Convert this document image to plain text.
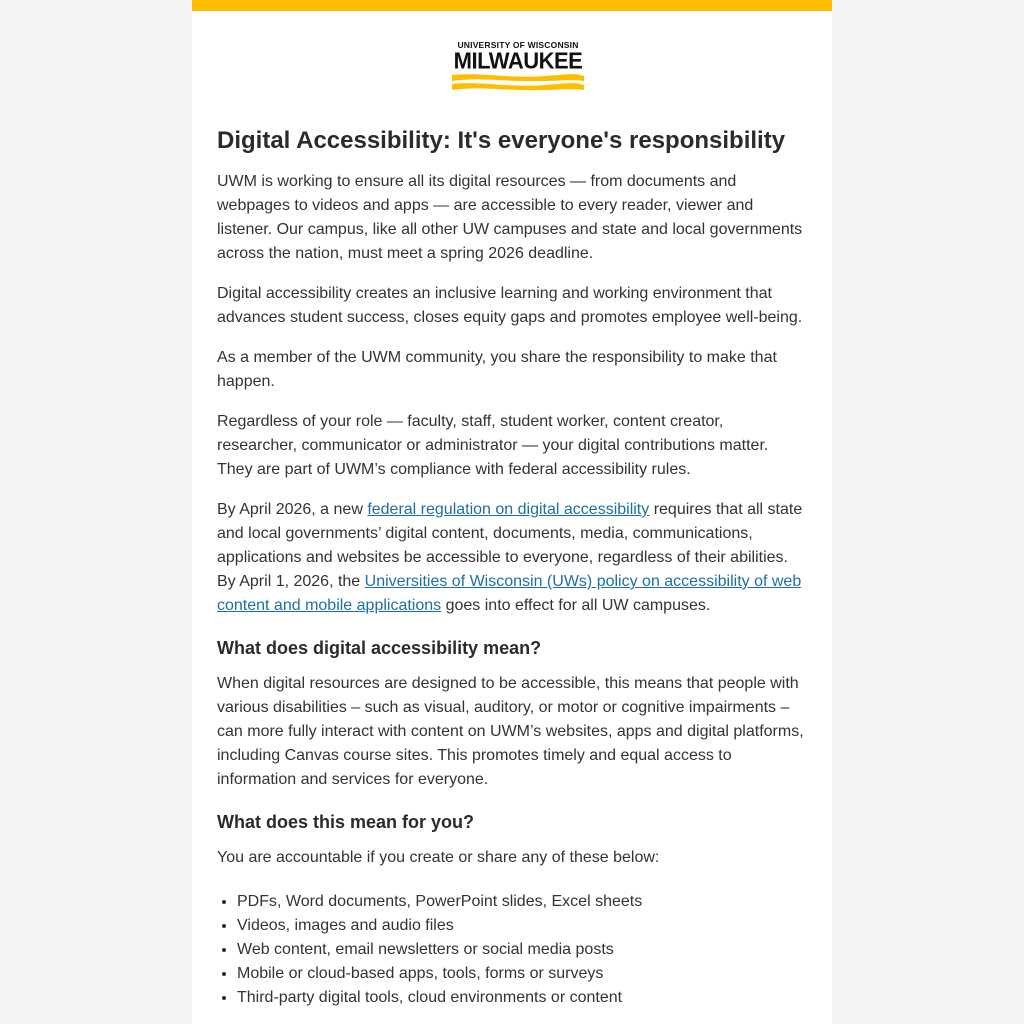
UNIVERSITY OF WISCONSIN
MILWAUKEE
Digital Accessibility: It's everyone's responsibility

UWM is working to ensure all its digital resources — from documents and webpages to videos and apps — are accessible to every reader, viewer and listener. Our campus, like all other UW campuses and state and local governments across the nation, must meet a spring 2026 deadline.

Digital accessibility creates an inclusive learning and working environment that advances student success, closes equity gaps and promotes employee well-being.

As a member of the UWM community, you share the responsibility to make that happen.

Regardless of your role — faculty, staff, student worker, content creator, researcher, communicator or administrator — your digital contributions matter. They are part of UWM’s compliance with federal accessibility rules.

By April 2026, a new federal regulation on digital accessibility requires that all state and local governments’ digital content, documents, media, communications, applications and websites be accessible to everyone, regardless of their abilities. By April 1, 2026, the Universities of Wisconsin (UWs) policy on accessibility of web content and mobile applications goes into effect for all UW campuses.

What does digital accessibility mean?

When digital resources are designed to be accessible, this means that people with various disabilities – such as visual, auditory, or motor or cognitive impairments – can more fully interact with content on UWM’s websites, apps and digital platforms, including Canvas course sites. This promotes timely and equal access to information and services for everyone.

What does this mean for you?

You are accountable if you create or share any of these below:

• PDFs, Word documents, PowerPoint slides, Excel sheets
• Videos, images and audio files
• Web content, email newsletters or social media posts
• Mobile or cloud-based apps, tools, forms or surveys
• Third-party digital tools, cloud environments or content
